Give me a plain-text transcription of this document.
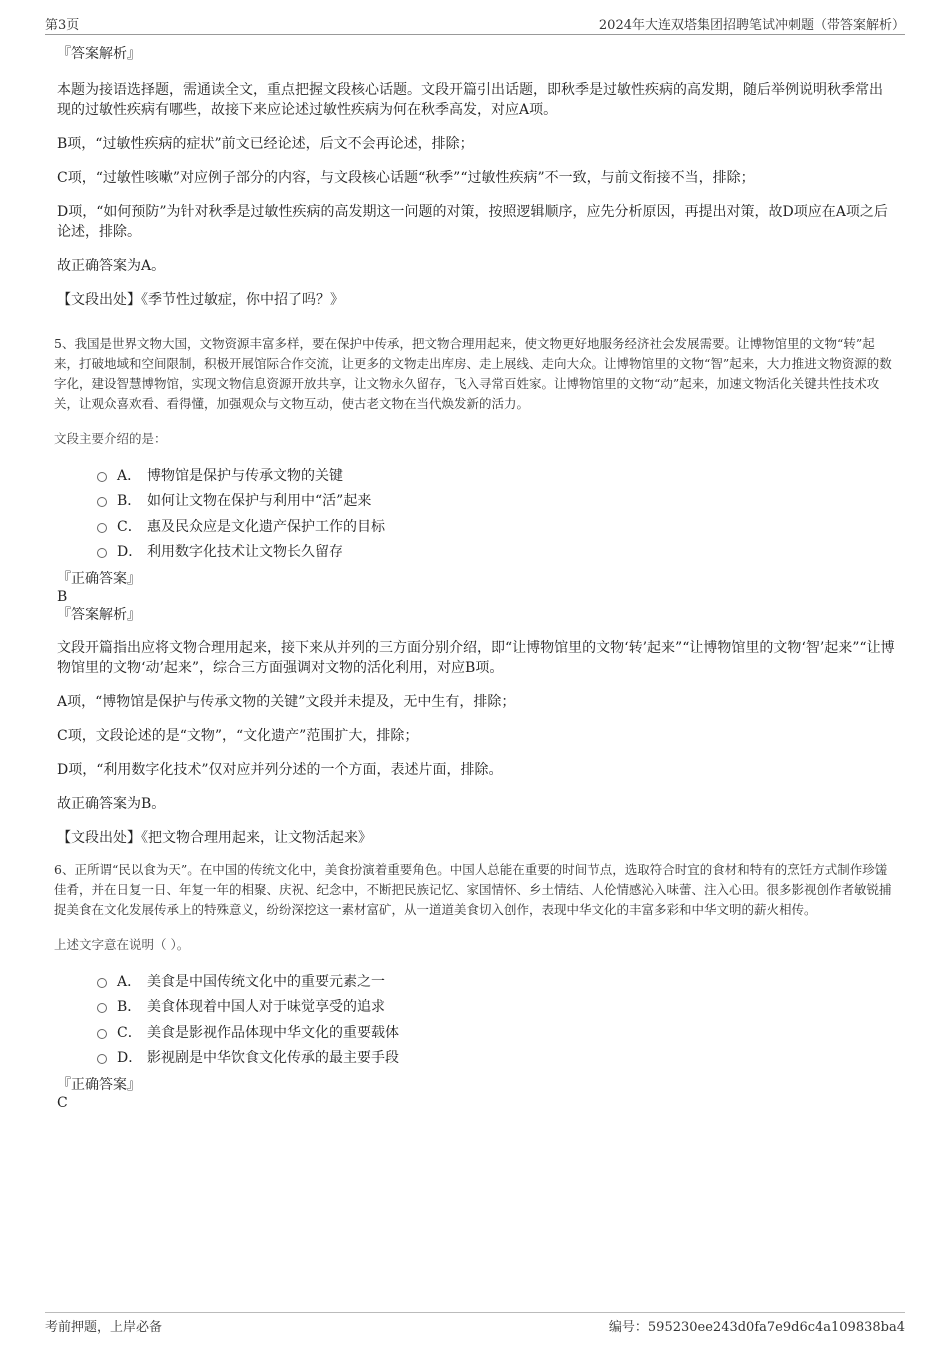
第3页	2024年大连双塔集团招聘笔试冲刺题（带答案解析）

『答案解析』

本题为接语选择题，需通读全文，重点把握文段核心话题。文段开篇引出话题，即秋季是过敏性疾病的高发期，随后举例说明秋季常出现的过敏性疾病有哪些，故接下来应论述过敏性疾病为何在秋季高发，对应A项。

B项，“过敏性疾病的症状”前文已经论述，后文不会再论述，排除；

C项，“过敏性咳嗽”对应例子部分的内容，与文段核心话题“秋季”“过敏性疾病”不一致，与前文衔接不当，排除；

D项，“如何预防”为针对秋季是过敏性疾病的高发期这一问题的对策，按照逻辑顺序，应先分析原因，再提出对策，故D项应在A项之后论述，排除。

故正确答案为A。

【文段出处】《季节性过敏症，你中招了吗？》

5、我国是世界文物大国，文物资源丰富多样，要在保护中传承，把文物合理用起来，使文物更好地服务经济社会发展需要。让博物馆里的文物“转”起来，打破地域和空间限制，积极开展馆际合作交流，让更多的文物走出库房、走上展线、走向大众。让博物馆里的文物“智”起来，大力推进文物资源的数字化，建设智慧博物馆，实现文物信息资源开放共享，让文物永久留存，飞入寻常百姓家。让博物馆里的文物“动”起来，加速文物活化关键共性技术攻关，让观众喜欢看、看得懂，加强观众与文物互动，使古老文物在当代焕发新的活力。

文段主要介绍的是：

A． 博物馆是保护与传承文物的关键
B． 如何让文物在保护与利用中“活”起来
C． 惠及民众应是文化遗产保护工作的目标
D． 利用数字化技术让文物长久留存

『正确答案』

B

『答案解析』

文段开篇指出应将文物合理用起来，接下来从并列的三方面分别介绍，即“让博物馆里的文物‘转’起来”“让博物馆里的文物‘智’起来”“让博物馆里的文物‘动’起来”，综合三方面强调对文物的活化利用，对应B项。

A项，“博物馆是保护与传承文物的关键”文段并未提及，无中生有，排除；

C项，文段论述的是“文物”，“文化遗产”范围扩大，排除；

D项，“利用数字化技术”仅对应并列分述的一个方面，表述片面，排除。

故正确答案为B。

【文段出处】《把文物合理用起来，让文物活起来》

6、正所谓“民以食为天”。在中国的传统文化中，美食扮演着重要角色。中国人总能在重要的时间节点，选取符合时宜的食材和特有的烹饪方式制作珍馐佳肴，并在日复一日、年复一年的相聚、庆祝、纪念中，不断把民族记忆、家国情怀、乡土情结、人伦情感沁入味蕾、注入心田。很多影视创作者敏锐捕捉美食在文化发展传承上的特殊意义，纷纷深挖这一素材富矿，从一道道美食切入创作，表现中华文化的丰富多彩和中华文明的薪火相传。

上述文字意在说明（ ）。

A． 美食是中国传统文化中的重要元素之一
B． 美食体现着中国人对于味觉享受的追求
C． 美食是影视作品体现中华文化的重要载体
D． 影视剧是中华饮食文化传承的最主要手段

『正确答案』

C

考前押题，上岸必备	编号：595230ee243d0fa7e9d6c4a109838ba4
